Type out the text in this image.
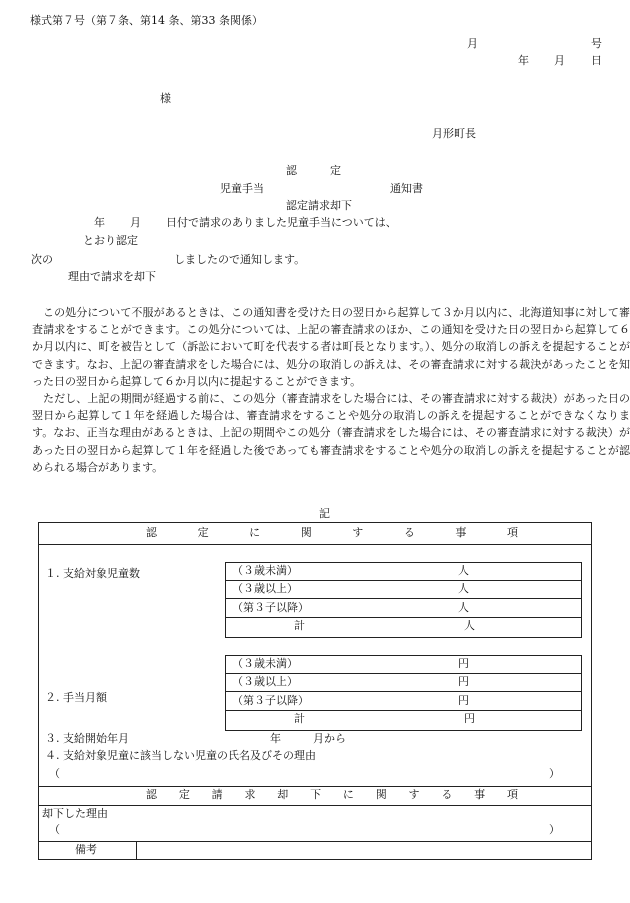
様式第７号（第７条、第14 条、第33 条関係）
月	号
年 月 日
様
月形町長
認　　　定
児童手当	通知書
認定請求却下
年 月 日付で請求のありました児童手当については、
とおり認定
次の	しましたので通知します。
理由で請求を却下

この処分について不服があるときは、この通知書を受けた日の翌日から起算して３か月以内に、北海道知事に対して審査請求をすることができます。この処分については、上記の審査請求のほか、この通知を受けた日の翌日から起算して６か月以内に、町を被告として（訴訟において町を代表する者は町長となります。）、処分の取消しの訴えを提起することができます。なお、上記の審査請求をした場合には、処分の取消しの訴えは、その審査請求に対する裁決があったことを知った日の翌日から起算して６か月以内に提起することができます。

ただし、上記の期間が経過する前に、この処分（審査請求をした場合には、その審査請求に対する裁決）があった日の翌日から起算して１年を経過した場合は、審査請求をすることや処分の取消しの訴えを提起することができなくなります。なお、正当な理由があるときは、上記の期間やこの処分（審査請求をした場合には、その審査請求に対する裁決）があった日の翌日から起算して１年を経過した後であっても審査請求をすることや処分の取消しの訴えを提起することが認められる場合があります。

記
認	定	に	関	す	る	事	項
１. 支給対象児童数	（３歳未満）	人
（３歳以上）	人
（第３子以降）	人
計	人
（３歳未満）	円
（３歳以上）	円
（第３子以降）	円
計	円
２. 手当月額
３. 支給開始年月	年	月から
４. 支給対象児童に該当しない児童の氏名及びその理由
（	）
認 定 請 求 却 下 に 関 す る 事 項
却下した理由
（	）
備考
